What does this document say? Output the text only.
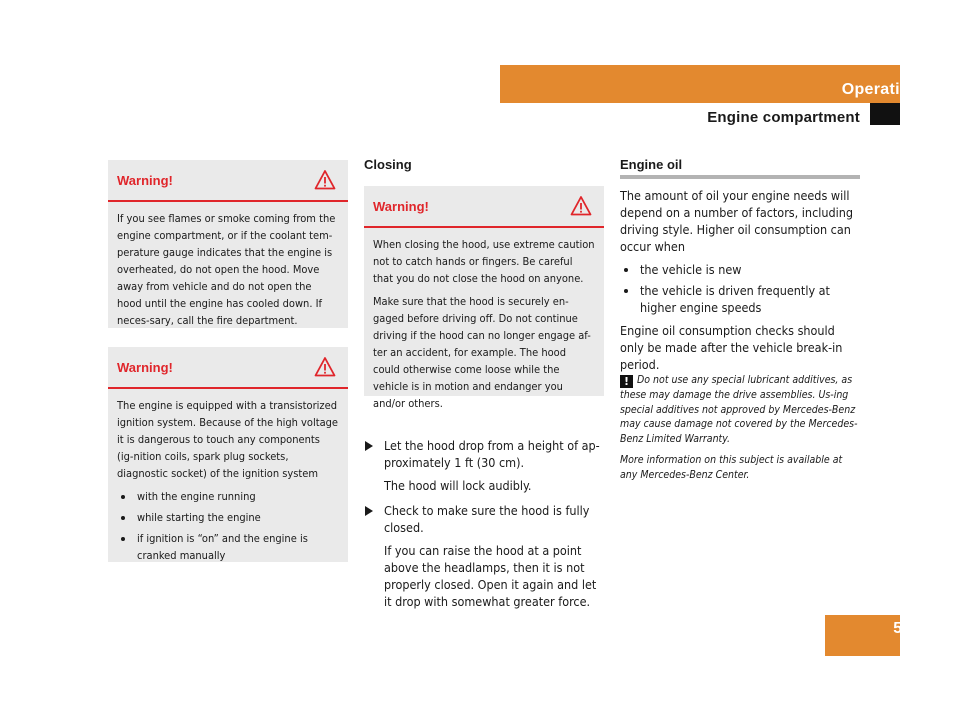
Operation
Engine compartment
Warning!

If you see flames or smoke coming from the engine compartment, or if the coolant tem-perature gauge indicates that the engine is overheated, do not open the hood. Move away from vehicle and do not open the hood until the engine has cooled down. If neces-sary, call the fire department.

Warning!

The engine is equipped with a transistorized ignition system. Because of the high voltage it is dangerous to touch any components (ig-nition coils, spark plug sockets, diagnostic socket) of the ignition system

with the engine running
while starting the engine
if ignition is “on” and the engine is cranked manually
Closing
Warning!

When closing the hood, use extreme caution not to catch hands or fingers. Be careful that you do not close the hood on anyone.

Make sure that the hood is securely en-gaged before driving off. Do not continue driving if the hood can no longer engage af-ter an accident, for example. The hood could otherwise come loose while the vehicle is in motion and endanger you and/or others.

Let the hood drop from a height of ap-proximately 1 ft (30 cm).
The hood will lock audibly.
Check to make sure the hood is fully closed.
If you can raise the hood at a point above the headlamps, then it is not properly closed. Open it again and let it drop with somewhat greater force.
Engine oil

The amount of oil your engine needs will depend on a number of factors, including driving style. Higher oil consumption can occur when

the vehicle is new
the vehicle is driven frequently at higher engine speeds

Engine oil consumption checks should only be made after the vehicle break-in period.

! Do not use any special lubricant additives, as these may damage the drive assemblies. Us-ing special additives not approved by Mercedes-Benz may cause damage not covered by the Mercedes-Benz Limited Warranty.

More information on this subject is available at any Mercedes-Benz Center.

513
